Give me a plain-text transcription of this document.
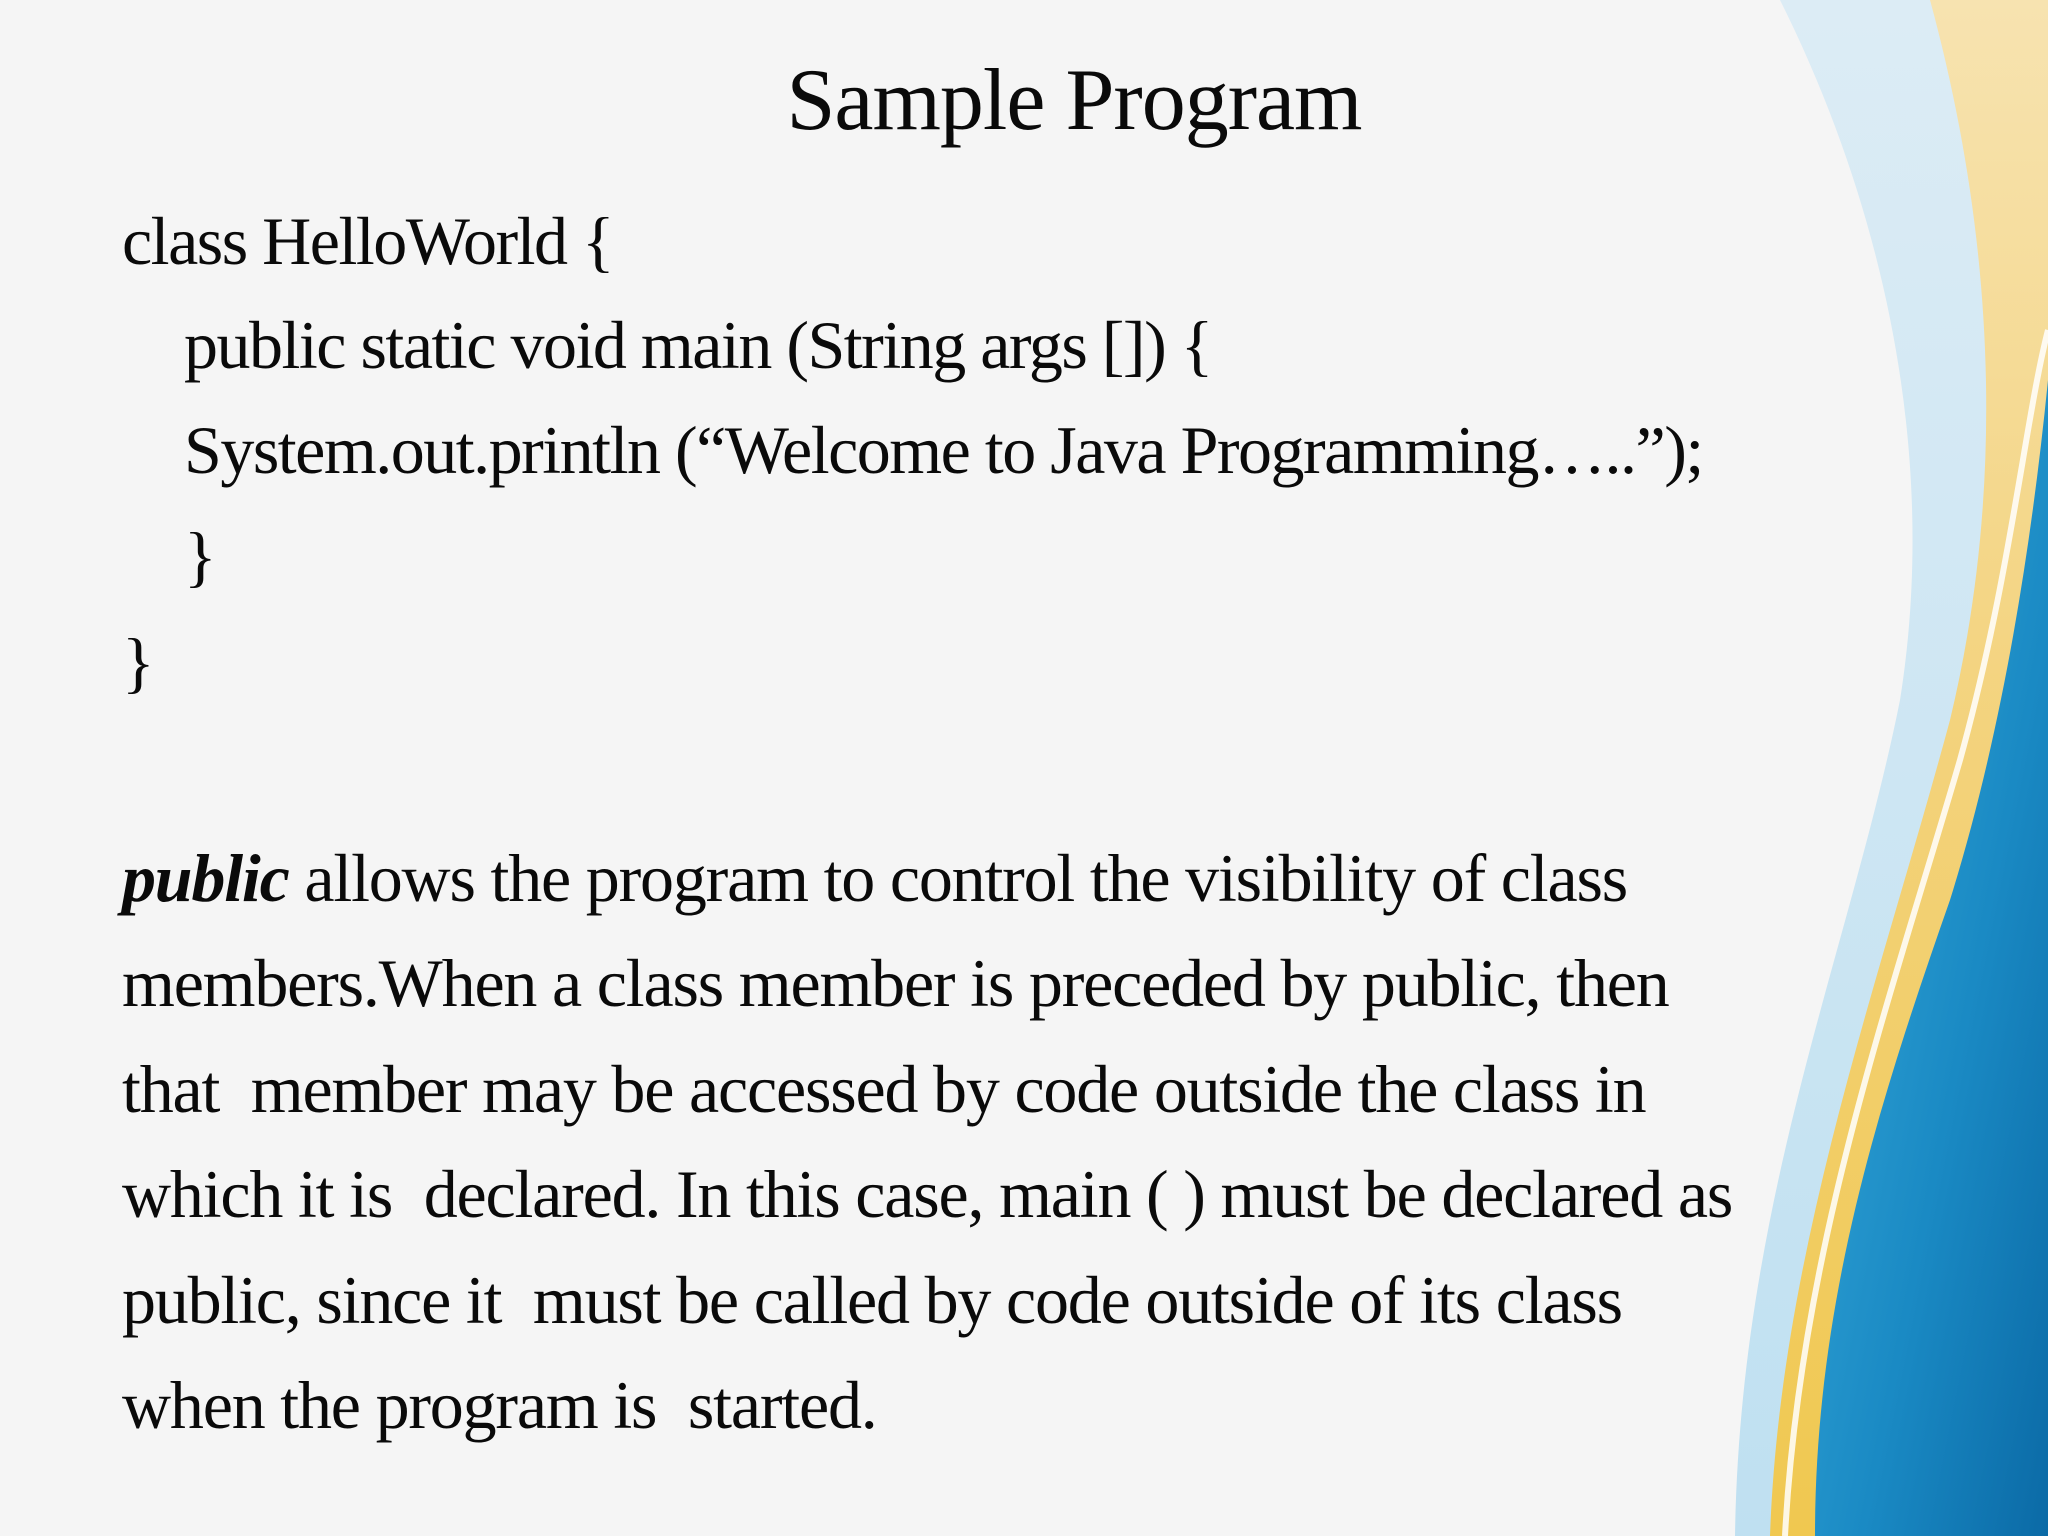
Sample Program

class HelloWorld {

public static void main (String args []) {

System.out.println (“Welcome to Java Programming…..”);

}

}

public allows the program to control the visibility of class

members.When a class member is preceded by public, then

that  member may be accessed by code outside the class in

which it is  declared. In this case, main ( ) must be declared as

public, since it  must be called by code outside of its class

when the program is  started.
